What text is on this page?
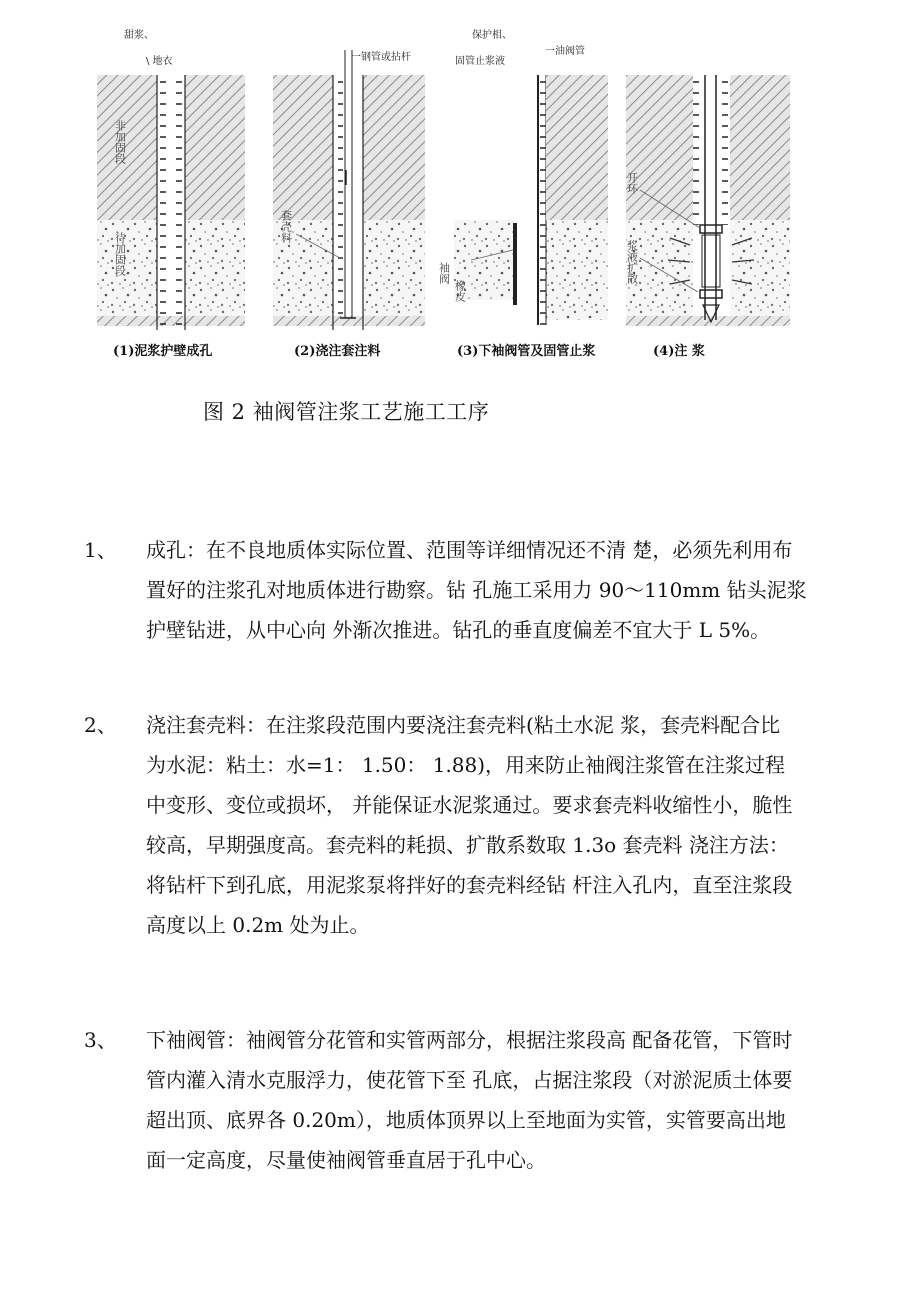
非加固段
待加固段
甜浆、
\ 地衣
(1)泥浆护壁成孔
套壳料
一钢管或拈杆
(2)浇注套注料
袖阀
橡皮
保护相、
固管止浆液
一油阀管
(3)下袖阀管及固管止浆
开环
浆液扩散
(4)注 浆
图 2 袖阀管注浆工艺施工工序
1、 成孔：在不良地质体实际位置、范围等详细情况还不清 楚，必须先利用布
置好的注浆孔对地质体进行勘察。钻 孔施工采用力 90～110mm 钻头泥浆
护壁钻进，从中心向 外渐次推进。钻孔的垂直度偏差不宜大于 L 5%。
2、 浇注套壳料：在注浆段范围内要浇注套壳料(粘土水泥 浆，套壳料配合比
为水泥：粘土：水=1： 1.50： 1.88)，用来防止袖阀注浆管在注浆过程
中变形、变位或损坏， 并能保证水泥浆通过。要求套壳料收缩性小，脆性
较高，早期强度高。套壳料的耗损、扩散系数取 1.3o 套壳料 浇注方法：
将钻杆下到孔底，用泥浆泵将拌好的套壳料经钻 杆注入孔内，直至注浆段
高度以上 0.2m 处为止。
3、 下袖阀管：袖阀管分花管和实管两部分，根据注浆段高 配备花管，下管时
管内灌入清水克服浮力，使花管下至 孔底，占据注浆段（对淤泥质土体要
超出顶、底界各 0.20m），地质体顶界以上至地面为实管，实管要高出地
面一定高度，尽量使袖阀管垂直居于孔中心。
